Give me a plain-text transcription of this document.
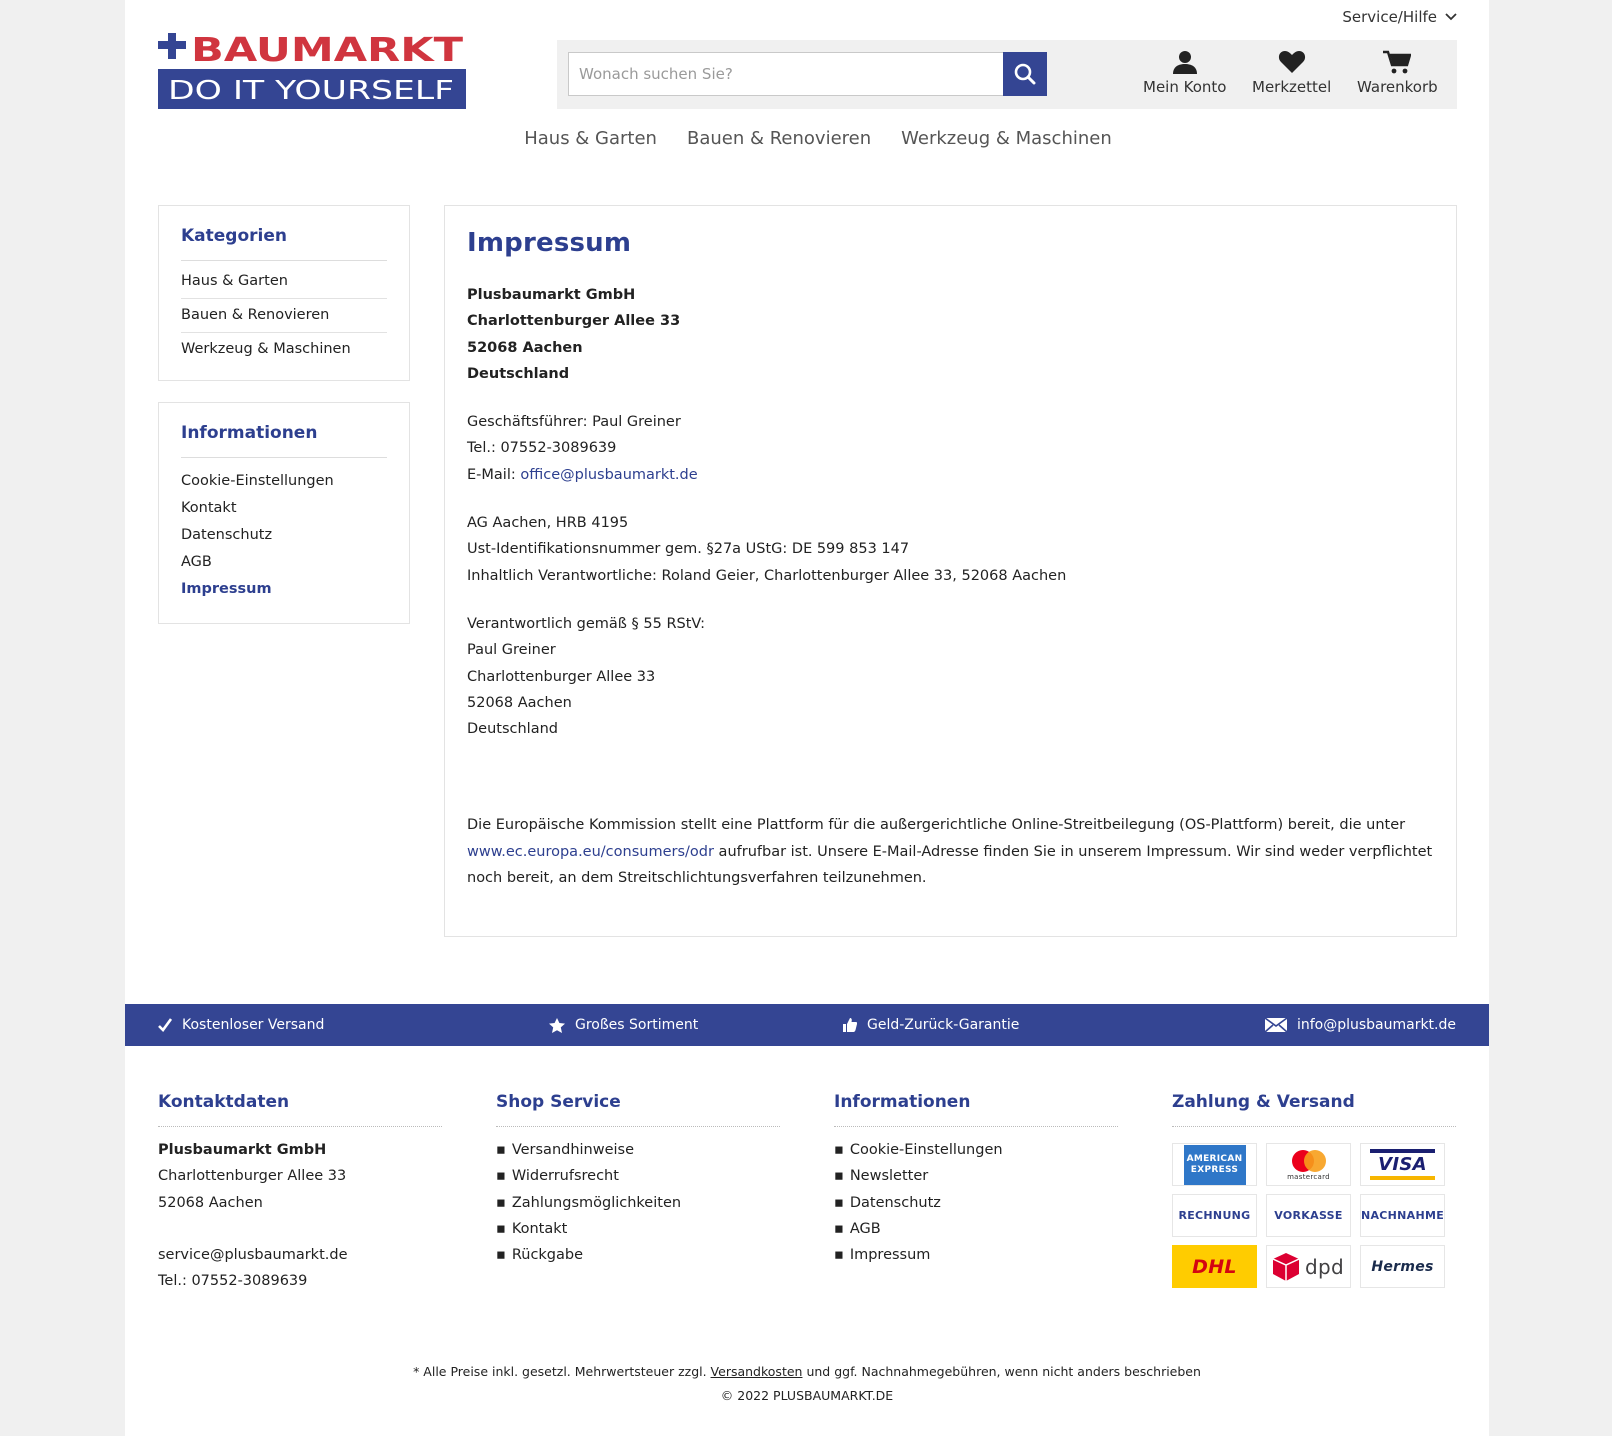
Service/Hilfe
BAUMARKT
DO IT YOURSELF
Wonach suchen Sie?	Mein Konto Merkzettel Warenkorb
Haus & Garten Bauen & Renovieren Werkzeug & Maschinen
Kategorien
Haus & Garten
Bauen & Renovieren
Werkzeug & Maschinen
Informationen
Cookie-Einstellungen
Kontakt
Datenschutz
AGB
Impressum
Impressum

Plusbaumarkt GmbH

Charlottenburger Allee 33

52068 Aachen

Deutschland

Geschäftsführer: Paul Greiner

Tel.: 07552-3089639

E-Mail: office@plusbaumarkt.de

AG Aachen, HRB 4195

Ust-Identifikationsnummer gem. §27a UStG: DE 599 853 147

Inhaltlich Verantwortliche: Roland Geier, Charlottenburger Allee 33, 52068 Aachen

Verantwortlich gemäß § 55 RStV:

Paul Greiner

Charlottenburger Allee 33

52068 Aachen

Deutschland

Die Europäische Kommission stellt eine Plattform für die außergerichtliche Online-Streitbeilegung (OS-Plattform) bereit, die unter
www.ec.europa.eu/consumers/odr aufrufbar ist. Unsere E-Mail-Adresse finden Sie in unserem Impressum. Wir sind weder verpflichtet noch bereit, an dem Streitschlichtungsverfahren teilzunehmen.

Kostenloser Versand	Großes Sortiment	Geld-Zurück-Garantie	info@plusbaumarkt.de
Kontaktdaten
Plusbaumarkt GmbH
Charlottenburger Allee 33
52068 Aachen
service@plusbaumarkt.de
Tel.: 07552-3089639
Shop Service
▪ Versandhinweise
▪ Widerrufsrecht
▪ Zahlungsmöglichkeiten
▪ Kontakt
▪ Rückgabe
Informationen
▪ Cookie-Einstellungen
▪ Newsletter
▪ Datenschutz
▪ AGB
▪ Impressum
Zahlung & Versand
AMERICAN EXPRESS
mastercard
VISA
RECHNUNG	VORKASSE	NACHNAHME
DHL	dpd Hermes
* Alle Preise inkl. gesetzl. Mehrwertsteuer zzgl. Versandkosten und ggf. Nachnahmegebühren, wenn nicht anders beschrieben
© 2022 PLUSBAUMARKT.DE
